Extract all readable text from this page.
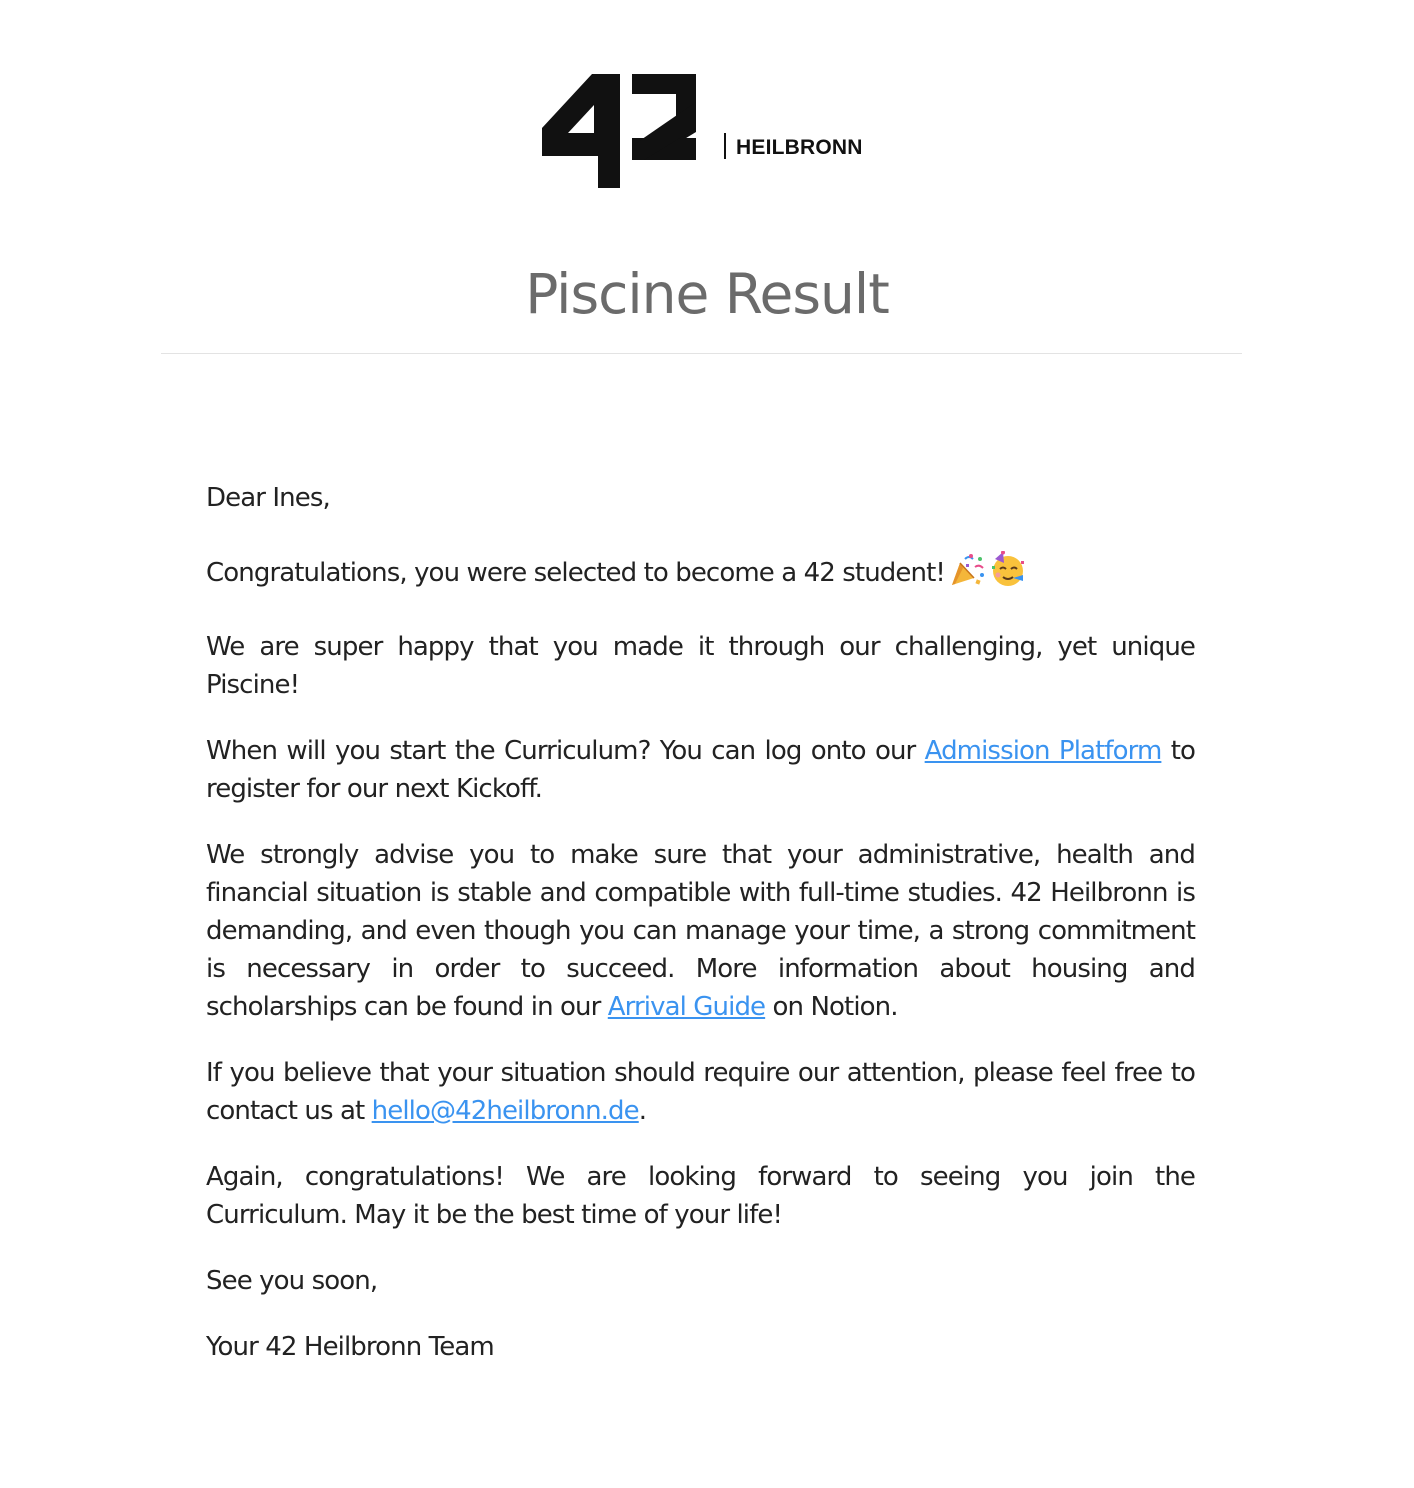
HEILBRONN
Piscine Result

Dear Ines,

Congratulations, you were selected to become a 42 student!

We are super happy that you made it through our challenging, yet unique Piscine!

When will you start the Curriculum? You can log onto our Admission Platform to register for our next Kickoff.

We strongly advise you to make sure that your administrative, health and financial situation is stable and compatible with full-time studies. 42 Heilbronn is demanding, and even though you can manage your time, a strong commitment is necessary in order to succeed. More information about housing and scholarships can be found in our Arrival Guide on Notion.

If you believe that your situation should require our attention, please feel free to contact us at hello@42heilbronn.de.

Again, congratulations! We are looking forward to seeing you join the Curriculum. May it be the best time of your life!

See you soon,

Your 42 Heilbronn Team
